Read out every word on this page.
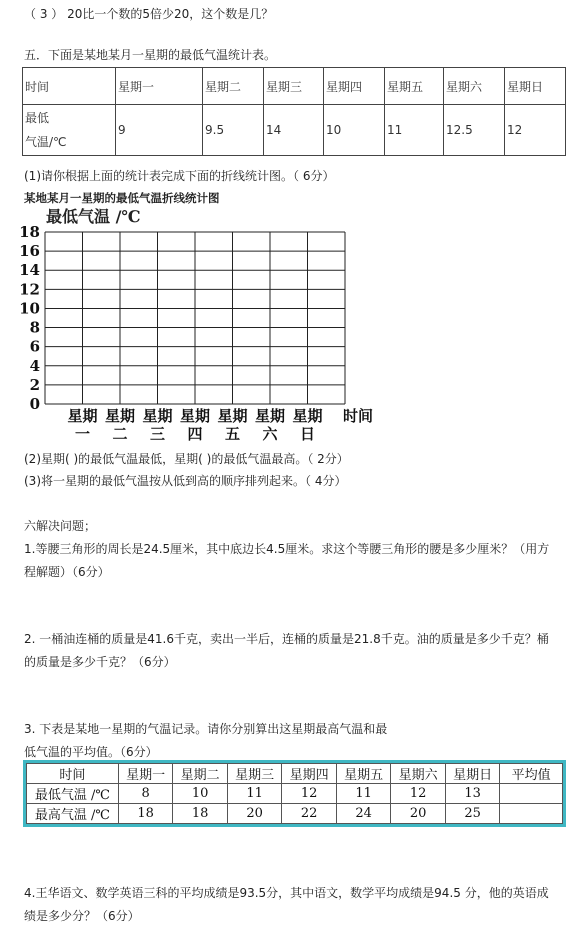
（ 3 ） 20比一个数的5倍少20，这个数是几？
五．下面是某地某月一星期的最低气温统计表。
时间	星期一	星期二	星期三	星期四	星期五	星期六	星期日

最低
气温/℃	9	9.5	14	10	11	12.5	12
(1)请你根据上面的统计表完成下面的折线统计图。（ 6分）
某地某月一星期的最低气温折线统计图
最低气温 /℃
0
2
4
6
8
10
12
14
16
18
星期
一
星期
二
星期
三
星期
四
星期
五
星期
六
星期
日
时间
(2)星期( )的最低气温最低，星期( )的最低气温最高。（ 2分）
(3)将一星期的最低气温按从低到高的顺序排列起来。（ 4分）
六解决问题；
1.等腰三角形的周长是24.5厘米，其中底边长4.5厘米。求这个等腰三角形的腰是多少厘米？（用方
程解题）（6分）
2. 一桶油连桶的质量是41.6千克，卖出一半后，连桶的质量是21.8千克。油的质量是多少千克？桶
的质量是多少千克？（6分）
3. 下表是某地一星期的气温记录。请你分别算出这星期最高气温和最
低气温的平均值。（6分）
时间	星期一	星期二	星期三	星期四	星期五	星期六	星期日	平均值
最低气温 /℃	8	10	11	12	11	12	13	
最高气温 /℃	18	18	20	22	24	20	25	
4.王华语文、数学英语三科的平均成绩是93.5分，其中语文，数学平均成绩是94.5 分，他的英语成
绩是多少分？（6分）
